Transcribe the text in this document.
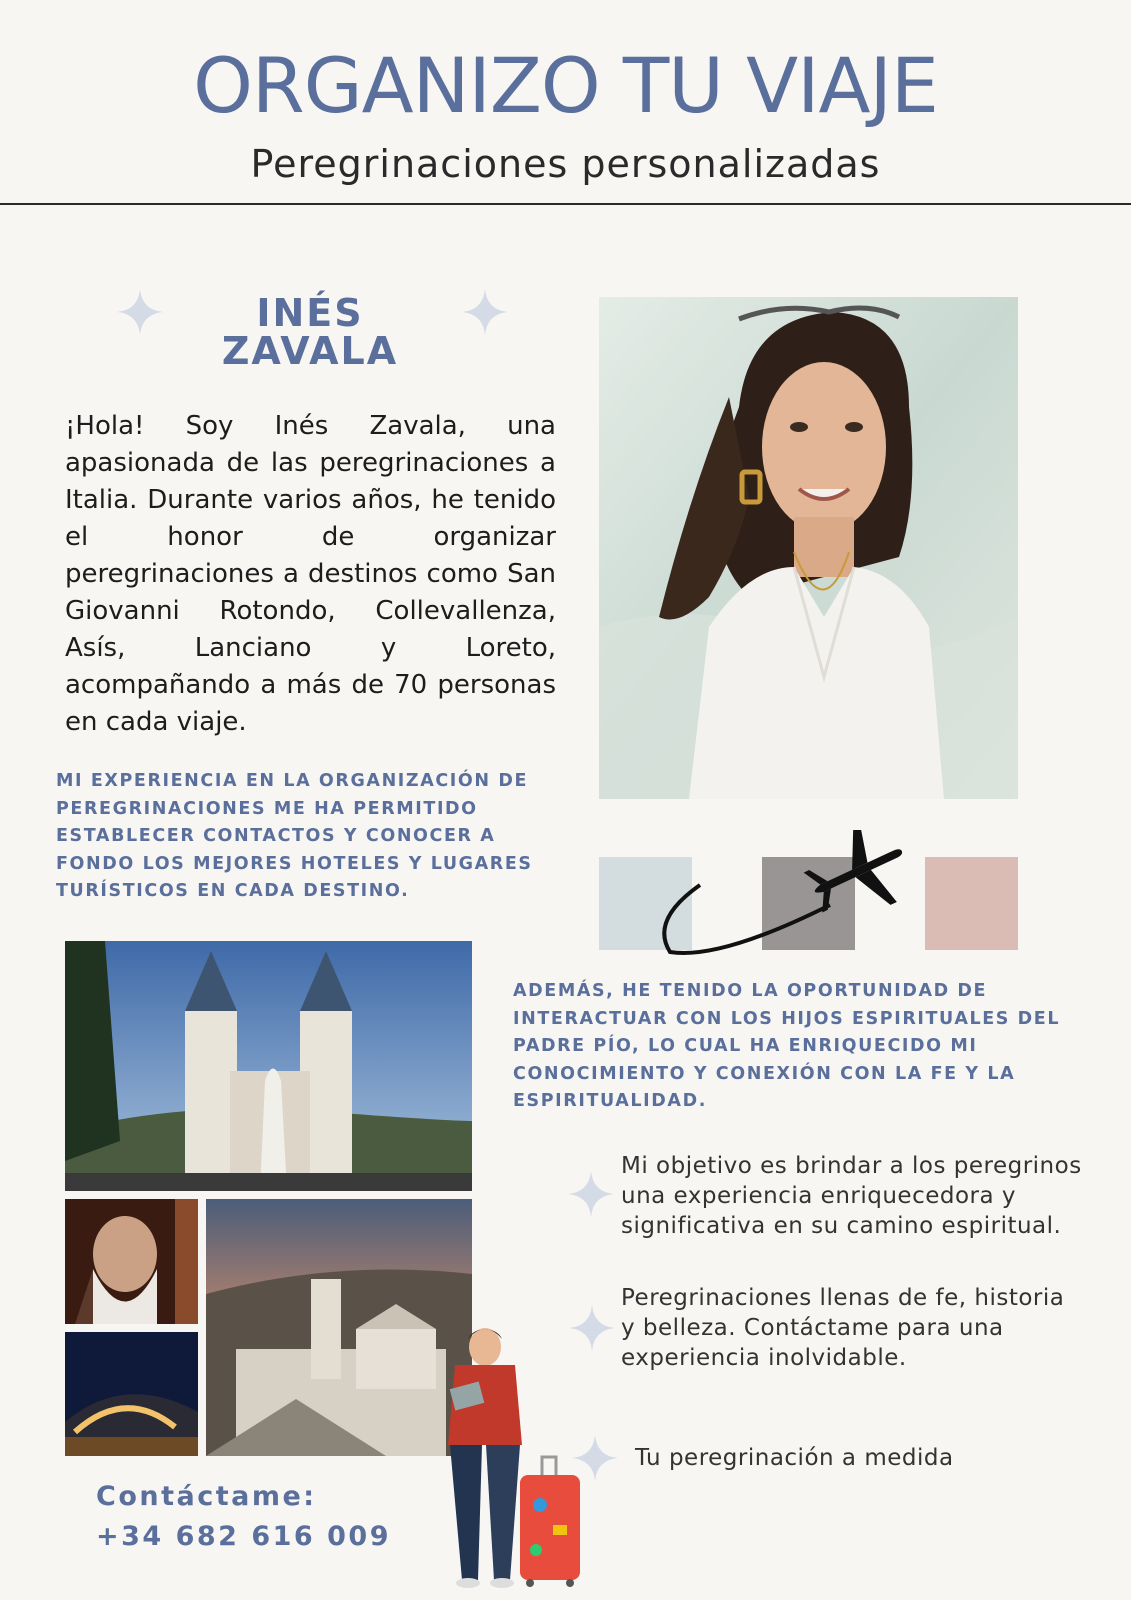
ORGANIZO TU VIAJE
Peregrinaciones personalizadas
INÉS
ZAVALA
¡Hola! Soy Inés Zavala, una apasionada de las peregrinaciones a Italia. Durante varios años, he tenido el honor de organizar peregrinaciones a destinos como San Giovanni Rotondo, Collevallenza, Asís, Lanciano y Loreto, acompañando a más de 70 personas en cada viaje.
MI EXPERIENCIA EN LA ORGANIZACIÓN DE PEREGRINACIONES ME HA PERMITIDO ESTABLECER CONTACTOS Y CONOCER A FONDO LOS MEJORES HOTELES Y LUGARES TURÍSTICOS EN CADA DESTINO.
ADEMÁS, HE TENIDO LA OPORTUNIDAD DE INTERACTUAR CON LOS HIJOS ESPIRITUALES DEL PADRE PÍO, LO CUAL HA ENRIQUECIDO MI CONOCIMIENTO Y CONEXIÓN CON LA FE Y LA ESPIRITUALIDAD.
Mi objetivo es brindar a los peregrinos una experiencia enriquecedora y significativa en su camino espiritual.
Peregrinaciones llenas de fe, historia y belleza. Contáctame para una experiencia inolvidable.
Tu peregrinación a medida
Contáctame:
+34 682 616 009
